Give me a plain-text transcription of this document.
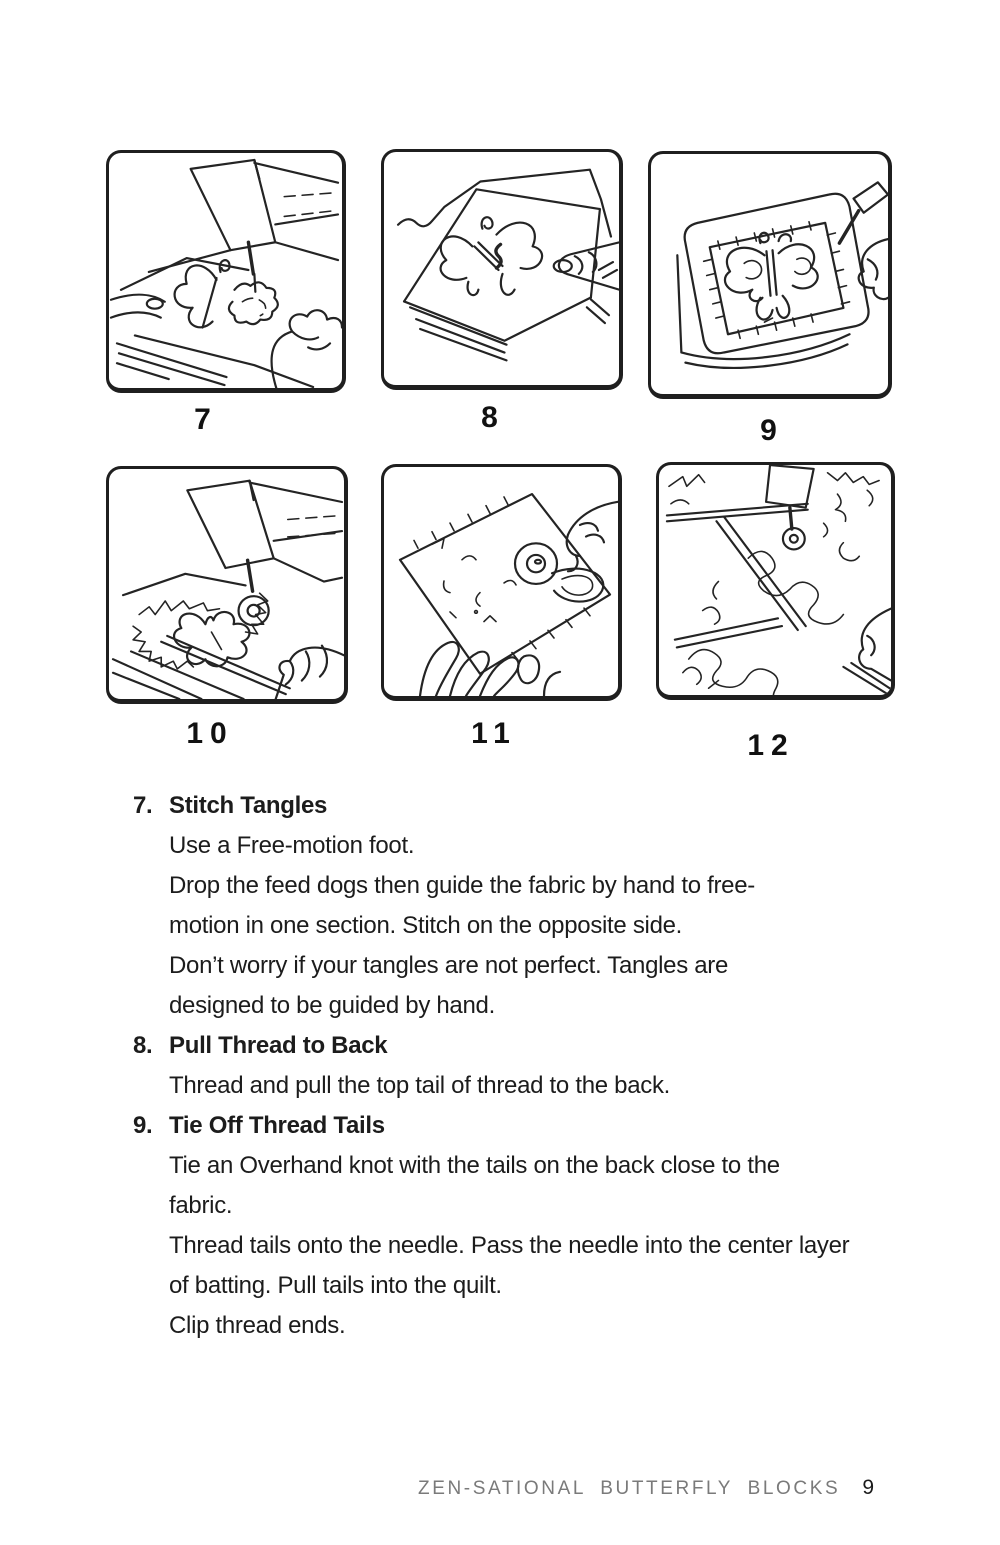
7	8	9
10	11	12
7. Stitch Tangles
Use a Free-motion foot.
Drop the feed dogs then guide the fabric by hand to free-
motion in one section. Stitch on the opposite side.
Don’t worry if your tangles are not perfect. Tangles are
designed to be guided by hand.
8. Pull Thread to Back
Thread and pull the top tail of thread to the back.
9. Tie Off Thread Tails
Tie an Overhand knot with the tails on the back close to the
fabric.
Thread tails onto the needle. Pass the needle into the center layer
of batting. Pull tails into the quilt.
Clip thread ends.
ZEN-SATIONAL BUTTERFLY BLOCKS 9
